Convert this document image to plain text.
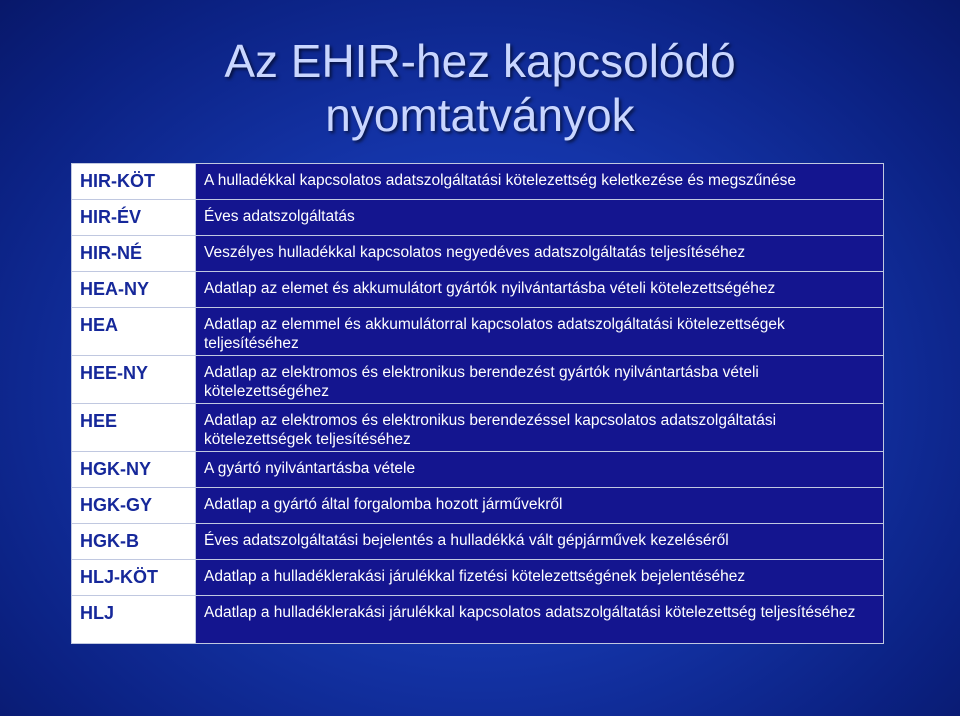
Az EHIR-hez kapcsolódó
nyomtatványok
HIR-KÖT	A hulladékkal kapcsolatos adatszolgáltatási kötelezettség keletkezése és megszűnése
HIR-ÉV	Éves adatszolgáltatás
HIR-NÉ	Veszélyes hulladékkal kapcsolatos negyedéves adatszolgáltatás teljesítéséhez
HEA-NY	Adatlap az elemet és akkumulátort gyártók nyilvántartásba vételi kötelezettségéhez
HEA	Adatlap az elemmel és akkumulátorral kapcsolatos adatszolgáltatási kötelezettségek teljesítéséhez
HEE-NY	Adatlap az elektromos és elektronikus berendezést gyártók nyilvántartásba vételi kötelezettségéhez
HEE	Adatlap az elektromos és elektronikus berendezéssel kapcsolatos adatszolgáltatási kötelezettségek teljesítéséhez
HGK-NY	A gyártó nyilvántartásba vétele
HGK-GY	Adatlap a gyártó által forgalomba hozott járművekről
HGK-B	Éves adatszolgáltatási bejelentés a hulladékká vált gépjárművek kezeléséről
HLJ-KÖT	Adatlap a hulladéklerakási járulékkal fizetési kötelezettségének bejelentéséhez
HLJ	Adatlap a hulladéklerakási járulékkal kapcsolatos adatszolgáltatási kötelezettség teljesítéséhez
